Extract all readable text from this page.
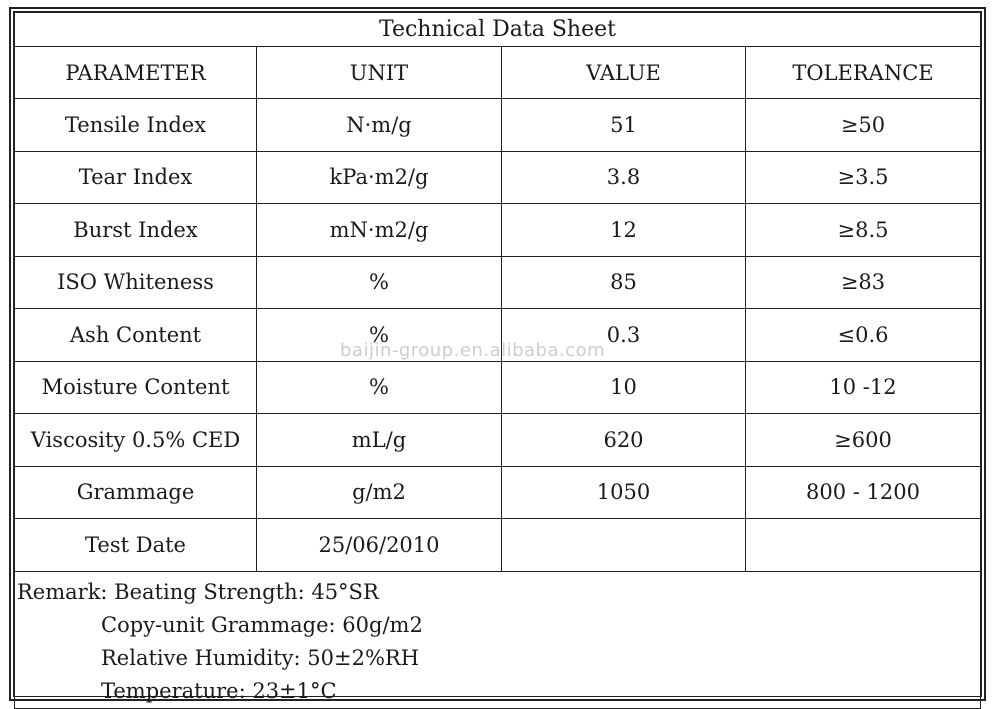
Technical Data Sheet			
PARAMETER	UNIT	VALUE	TOLERANCE
Tensile Index	N·m/g	51	≥50
Tear Index	kPa·m2/g	3.8	≥3.5
Burst Index	mN·m2/g	12	≥8.5
ISO Whiteness	%	85	≥83
Ash Content	%	0.3	≤0.6
Moisture Content	%	10	10 -12
Viscosity 0.5% CED	mL/g	620	≥600
Grammage	g/m2	1050	800 - 1200
Test Date	25/06/2010		

Remark: Beating Strength: 45°SR
Copy-unit Grammage: 60g/m2
Relative Humidity: 50±2%RH
Temperature: 23±1°C			
baijin-group.en.alibaba.com
